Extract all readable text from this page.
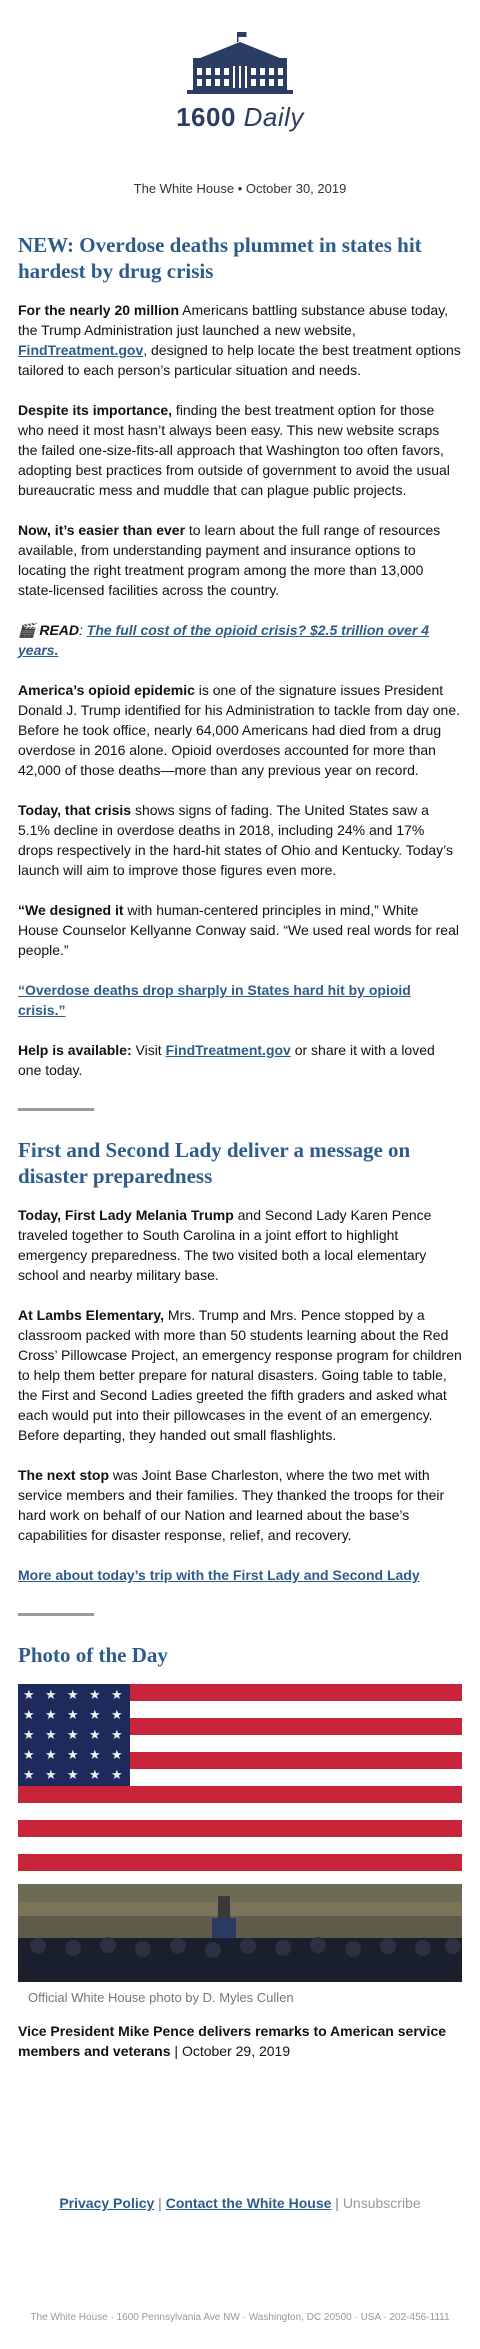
1600 Daily
The White House • October 30, 2019
NEW: Overdose deaths plummet in states hit hardest by drug crisis

For the nearly 20 million Americans battling substance abuse today, the Trump Administration just launched a new website, FindTreatment.gov, designed to help locate the best treatment options tailored to each person’s particular situation and needs.

Despite its importance, finding the best treatment option for those who need it most hasn’t always been easy. This new website scraps the failed one-size-fits-all approach that Washington too often favors, adopting best practices from outside of government to avoid the usual bureaucratic mess and muddle that can plague public projects.

Now, it’s easier than ever to learn about the full range of resources available, from understanding payment and insurance options to locating the right treatment program among the more than 13,000 state-licensed facilities across the country.

🎬 READ: The full cost of the opioid crisis? $2.5 trillion over 4 years.

America’s opioid epidemic is one of the signature issues President Donald J. Trump identified for his Administration to tackle from day one. Before he took office, nearly 64,000 Americans had died from a drug overdose in 2016 alone. Opioid overdoses accounted for more than 42,000 of those deaths—more than any previous year on record.

Today, that crisis shows signs of fading. The United States saw a 5.1% decline in overdose deaths in 2018, including 24% and 17% drops respectively in the hard-hit states of Ohio and Kentucky. Today’s launch will aim to improve those figures even more.

“We designed it with human-centered principles in mind,” White House Counselor Kellyanne Conway said. “We used real words for real people.”

“Overdose deaths drop sharply in States hard hit by opioid crisis.”

Help is available: Visit FindTreatment.gov or share it with a loved one today.

First and Second Lady deliver a message on disaster preparedness

Today, First Lady Melania Trump and Second Lady Karen Pence traveled together to South Carolina in a joint effort to highlight emergency preparedness. The two visited both a local elementary school and nearby military base.

At Lambs Elementary, Mrs. Trump and Mrs. Pence stopped by a classroom packed with more than 50 students learning about the Red Cross’ Pillowcase Project, an emergency response program for children to help them better prepare for natural disasters. Going table to table, the First and Second Ladies greeted the fifth graders and asked what each would put into their pillowcases in the event of an emergency. Before departing, they handed out small flashlights.

The next stop was Joint Base Charleston, where the two met with service members and their families. They thanked the troops for their hard work on behalf of our Nation and learned about the base’s capabilities for disaster response, relief, and recovery.

More about today’s trip with the First Lady and Second Lady

Photo of the Day
Official White House photo by D. Myles Cullen

Vice President Mike Pence delivers remarks to American service members and veterans | October 29, 2019

Privacy Policy | Contact the White House | Unsubscribe
The White House · 1600 Pennsylvania Ave NW · Washington, DC 20500 · USA · 202-456-1111
